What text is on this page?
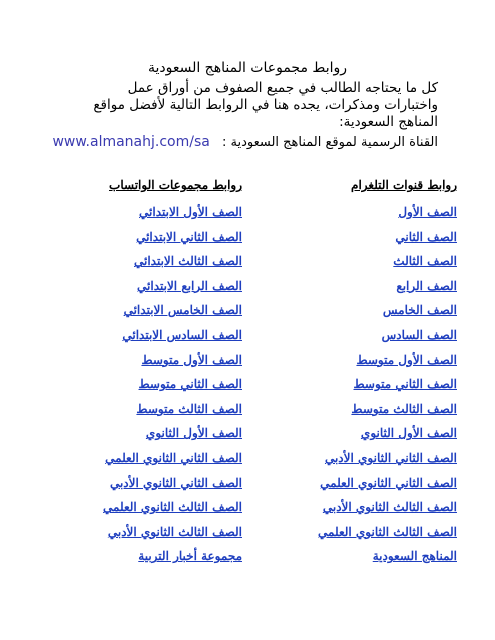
روابط مجموعات المناهج السعودية
كل ما يحتاجه الطالب في جميع الصفوف من أوراق عمل واختبارات ومذكرات، يجده هنا في الروابط التالية لأفضل مواقع المناهج السعودية:
القناة الرسمية لموقع المناهج السعودية : www.almanahj.com/sa
روابط قنوات التلغرام
الصف الأول
الصف الثاني
الصف الثالث
الصف الرابع
الصف الخامس
الصف السادس
الصف الأول متوسط
الصف الثاني متوسط
الصف الثالث متوسط
الصف الأول الثانوي
الصف الثاني الثانوي الأدبي
الصف الثاني الثانوي العلمي
الصف الثالث الثانوي الأدبي
الصف الثالث الثانوي العلمي
المناهج السعودية
روابط مجموعات الواتساب
الصف الأول الابتدائي
الصف الثاني الابتدائي
الصف الثالث الابتدائي
الصف الرابع الابتدائي
الصف الخامس الابتدائي
الصف السادس الابتدائي
الصف الأول متوسط
الصف الثاني متوسط
الصف الثالث متوسط
الصف الأول الثانوي
الصف الثاني الثانوي العلمي
الصف الثاني الثانوي الأدبي
الصف الثالث الثانوي العلمي
الصف الثالث الثانوي الأدبي
مجموعة أخبار التربية
